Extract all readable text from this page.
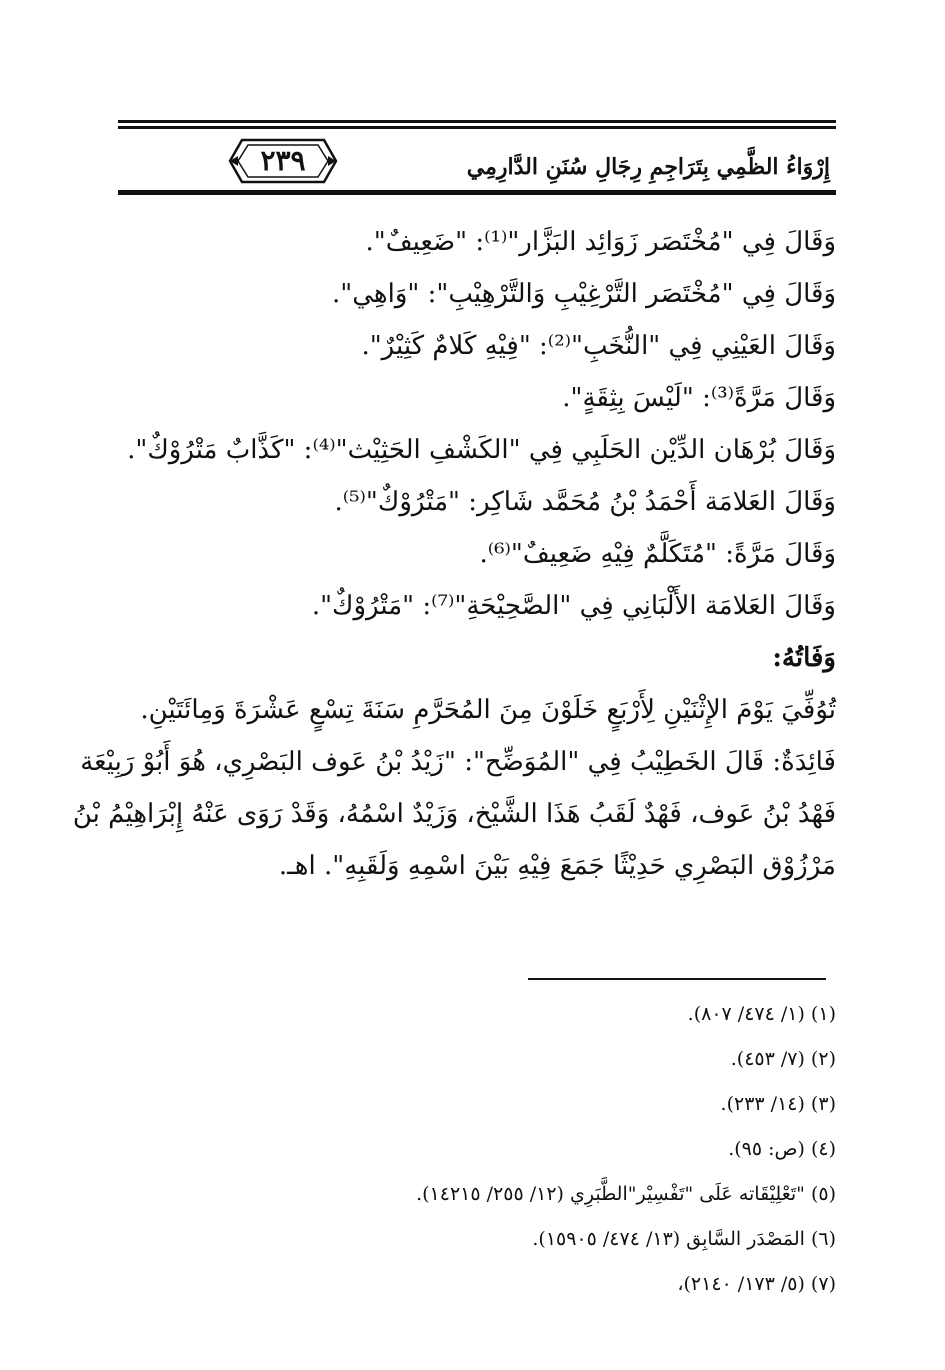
٢٣٩	إِرْوَاءُ الظَّمِي بِتَرَاجِمِ رِجَالِ سُنَنِ الدَّارِمِي
وَقَالَ فِي "مُخْتَصَر زَوَائِد البَزَّار"⁽¹⁾: "ضَعِيفٌ".
وَقَالَ فِي "مُخْتَصَر التَّرْغِيْبِ وَالتَّرْهِيْبِ": "وَاهِي".
وَقَالَ العَيْنِي فِي "النُّخَبِ"⁽²⁾: "فِيْهِ كَلامٌ كَثِيْرٌ".
وَقَالَ مَرَّةً⁽³⁾: "لَيْسَ بِثِقَةٍ".
وَقَالَ بُرْهَان الدِّيْن الحَلَبِي فِي "الكَشْفِ الحَثِيْث"⁽⁴⁾: "كَذَّابٌ مَتْرُوْكٌ".
وَقَالَ العَلامَة أَحْمَدُ بْنُ مُحَمَّد شَاكِر: "مَتْرُوْكٌ"⁽⁵⁾.
وَقَالَ مَرَّةً: "مُتَكَلَّمٌ فِيْهِ ضَعِيفٌ"⁽⁶⁾.
وَقَالَ العَلامَة الأَلْبَانِي فِي "الصَّحِيْحَةِ"⁽⁷⁾: "مَتْرُوْكٌ".
وَفَاتُهُ:
تُوُفِّيَ يَوْمَ الإِثْنَيْنِ لِأَرْبَعٍ خَلَوْنَ مِنَ المُحَرَّمِ سَنَةَ تِسْعٍ عَشْرَةَ وَمِائَتَيْنِ.
فَائِدَةٌ: قَالَ الخَطِيْبُ فِي "المُوَضِّح": "زَيْدُ بْنُ عَوف البَصْرِي، هُوَ أَبُوْ رَبِيْعَة
فَهْدُ بْنُ عَوف، فَهْدٌ لَقَبُ هَذَا الشَّيْخ، وَزَيْدٌ اسْمُهُ، وَقَدْ رَوَى عَنْهُ إِبْرَاهِيْمُ بْنُ
مَرْزُوْق البَصْرِي حَدِيْثًا جَمَعَ فِيْهِ بَيْنَ اسْمِهِ وَلَقَبِهِ". اهـ.
(١) (١/ ٤٧٤/ ٨٠٧).
(٢) (٧/ ٤٥٣).
(٣) (١٤/ ٢٣٣).
(٤) (ص: ٩٥).
(٥) "تَعْلِيْقَاته عَلَى "تَفْسِيْر"الطَّبَرِي (١٢/ ٢٥٥/ ١٤٢١٥).
(٦) المَصْدَر السَّابِق (١٣/ ٤٧٤/ ١٥٩٠٥).
(٧) (٥/ ١٧٣/ ٢١٤٠)،
